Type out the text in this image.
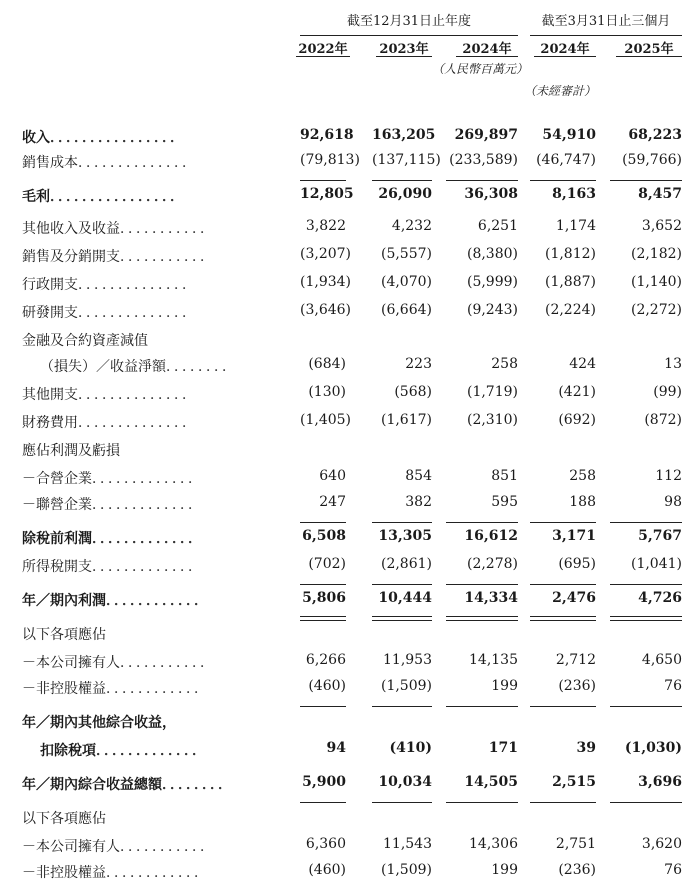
截至12月31日止年度	截至3月31日止三個月
2022年 2023年	2024年	2024年	2025年
（人民幣百萬元）
（未經審計）
收入．．．．．．．．．．．．．．．．	92,618 163,205	269,897	54,910	68,223
銷售成本．．．．．．．．．．．．．．	(79,813) (137,115) (233,589)	(46,747)	(59,766)
毛利．．．．．．．．．．．．．．．．	12,805	26,090	36,308	8,163	8,457
其他收入及收益．．．．．．．．．．．	3,822	4,232	6,251	1,174	3,652
銷售及分銷開支．．．．．．．．．．．	(3,207)	(5,557)	(8,380)	(1,812)	(2,182)
行政開支．．．．．．．．．．．．．．	(1,934)	(4,070)	(5,999)	(1,887)	(1,140)
研發開支．．．．．．．．．．．．．．	(3,646)	(6,664)	(9,243)	(2,224)	(2,272)
金融及合約資產減值
（損失）／收益淨額．．．．．．．．	(684)	223	258	424	13
其他開支．．．．．．．．．．．．．．	(130)	(568)	(1,719)	(421)	(99)
財務費用．．．．．．．．．．．．．．	(1,405)	(1,617)	(2,310)	(692)	(872)
應佔利潤及虧損
－合營企業．．．．．．．．．．．．．	640	854	851	258	112
－聯營企業．．．．．．．．．．．．．	247	382	595	188	98
除稅前利潤．．．．．．．．．．．．．	6,508	13,305	16,612	3,171	5,767
所得稅開支．．．．．．．．．．．．．	(702)	(2,861)	(2,278)	(695)	(1,041)
年／期內利潤．．．．．．．．．．．．	5,806	10,444	14,334	2,476	4,726
以下各項應佔
－本公司擁有人．．．．．．．．．．．	6,266	11,953	14,135	2,712	4,650
－非控股權益．．．．．．．．．．．．	(460)	(1,509)	199	(236)	76
年／期內其他綜合收益，
扣除稅項．．．．．．．．．．．．．	94	(410)	171	39	(1,030)
年／期內綜合收益總額．．．．．．．．	5,900	10,034	14,505	2,515	3,696
以下各項應佔
－本公司擁有人．．．．．．．．．．．	6,360	11,543	14,306	2,751	3,620
－非控股權益．．．．．．．．．．．．	(460)	(1,509)	199	(236)	76
